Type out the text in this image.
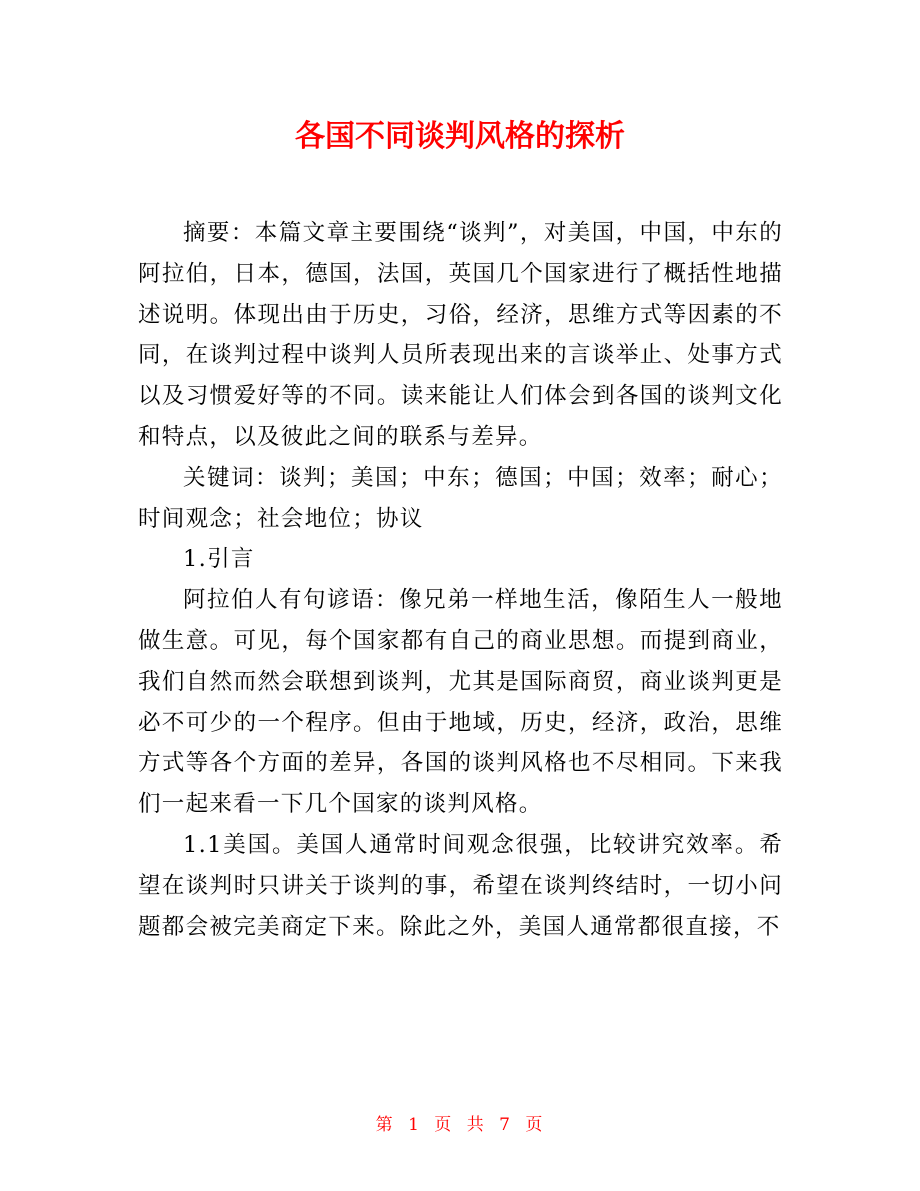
各国不同谈判风格的探析

摘要：本篇文章主要围绕“谈判”，对美国，中国，中东的阿拉伯，日本，德国，法国，英国几个国家进行了概括性地描述说明。体现出由于历史，习俗，经济，思维方式等因素的不同，在谈判过程中谈判人员所表现出来的言谈举止、处事方式以及习惯爱好等的不同。读来能让人们体会到各国的谈判文化和特点，以及彼此之间的联系与差异。

关键词：谈判；美国；中东；德国；中国；效率；耐心；时间观念；社会地位；协议

1.引言

阿拉伯人有句谚语：像兄弟一样地生活，像陌生人一般地做生意。可见，每个国家都有自己的商业思想。而提到商业，我们自然而然会联想到谈判，尤其是国际商贸，商业谈判更是必不可少的一个程序。但由于地域，历史，经济，政治，思维方式等各个方面的差异，各国的谈判风格也不尽相同。下来我们一起来看一下几个国家的谈判风格。

1.1美国。美国人通常时间观念很强，比较讲究效率。希望在谈判时只讲关于谈判的事，希望在谈判终结时，一切小问题都会被完美商定下来。除此之外，美国人通常都很直接，不

第 1 页 共 7 页
